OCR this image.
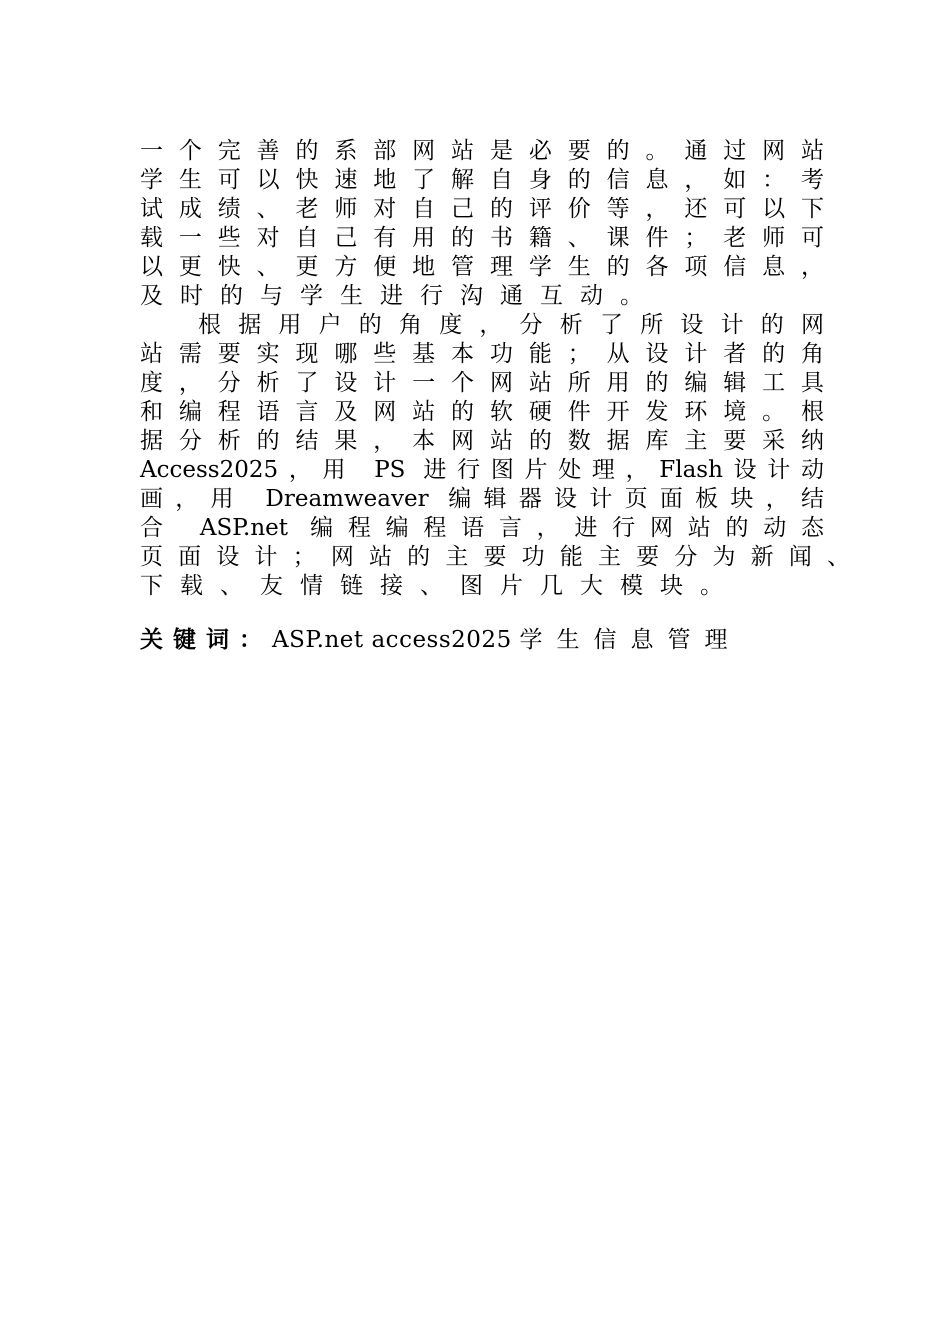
一个完善的系部网站是必要的。通过网站
学生可以快速地了解自身的信息，如：考
试成绩、老师对自己的评价等，还可以下
载一些对自己有用的书籍、课件；老师可
以更快、更方便地管理学生的各项信息，
及时的与学生进行沟通互动。
根据用户的角度，分析了所设计的网
站需要实现哪些基本功能；从设计者的角
度，分析了设计一个网站所用的编辑工具
和编程语言及网站的软硬件开发环境。根
据分析的结果，本网站的数据库主要采纳
Access2025，用 PS 进行图片处理，Flash设计动
画，用 Dreamweaver 编辑器设计页面板块，结
合 ASP.net 编程编程语言，进行网站的动态
页面设计；网站的主要功能主要分为新闻、
下载、友情链接、图片几大模块。
关键词：ASP.net access2025 学生信息管理
